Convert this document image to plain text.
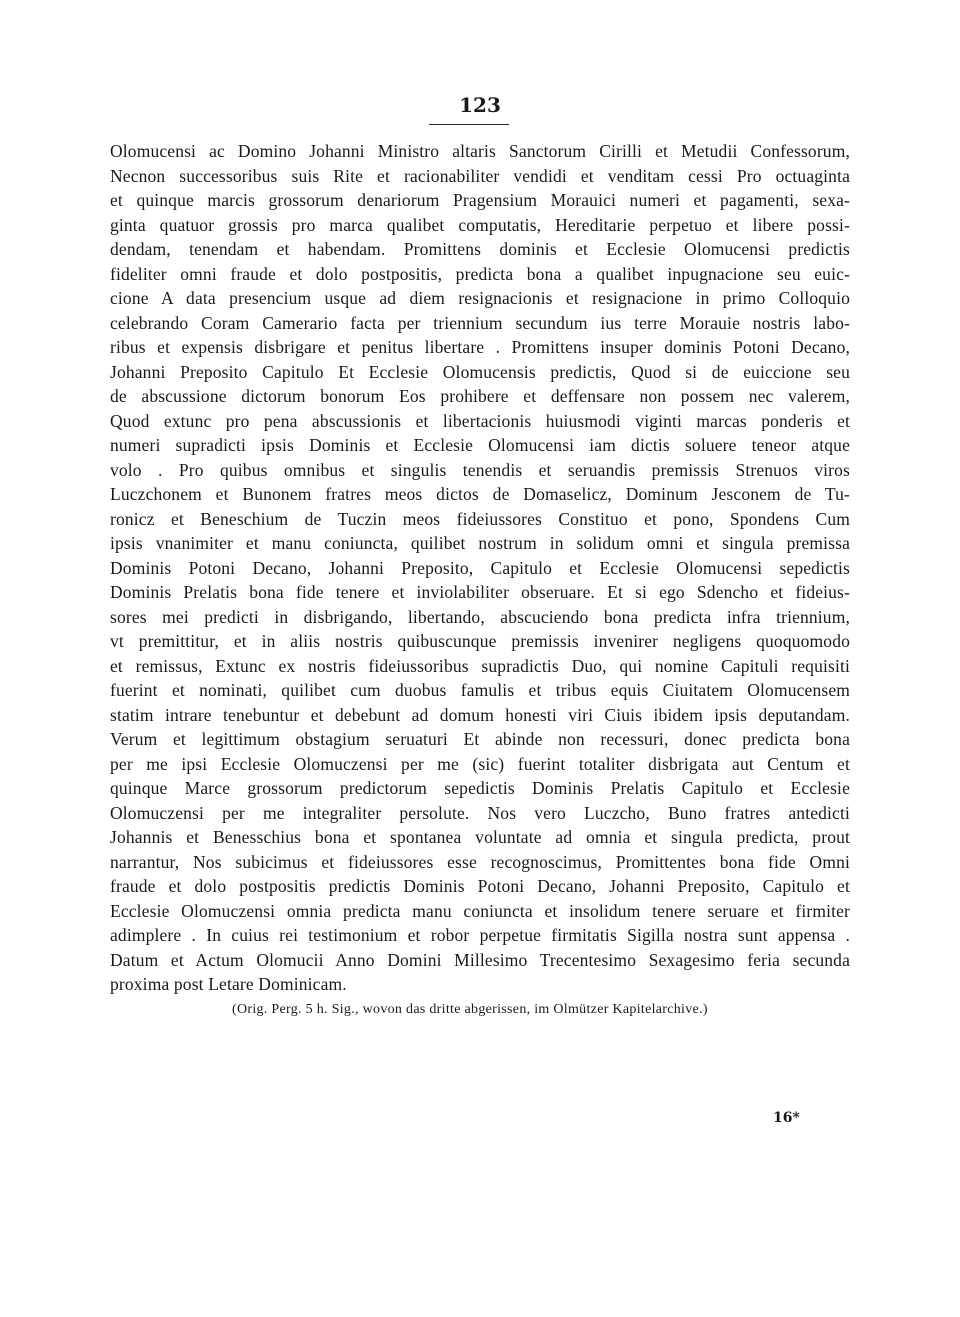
123
Olomucensi ac Domino Johanni Ministro altaris Sanctorum Cirilli et Metudii Confessorum,
Necnon successoribus suis Rite et racionabiliter vendidi et venditam cessi Pro octuaginta
et quinque marcis grossorum denariorum Pragensium Morauici numeri et pagamenti, sexa-
ginta quatuor grossis pro marca qualibet computatis, Hereditarie perpetuo et libere possi-
dendam, tenendam et habendam. Promittens dominis et Ecclesie Olomucensi predictis
fideliter omni fraude et dolo postpositis, predicta bona a qualibet inpugnacione seu euic-
cione A data presencium usque ad diem resignacionis et resignacione in primo Colloquio
celebrando Coram Camerario facta per triennium secundum ius terre Morauie nostris labo-
ribus et expensis disbrigare et penitus libertare . Promittens insuper dominis Potoni Decano,
Johanni Preposito Capitulo Et Ecclesie Olomucensis predictis, Quod si de euiccione seu
de abscussione dictorum bonorum Eos prohibere et deffensare non possem nec valerem,
Quod extunc pro pena abscussionis et libertacionis huiusmodi viginti marcas ponderis et
numeri supradicti ipsis Dominis et Ecclesie Olomucensi iam dictis soluere teneor atque
volo . Pro quibus omnibus et singulis tenendis et seruandis premissis Strenuos viros
Luczchonem et Bunonem fratres meos dictos de Domaselicz, Dominum Jesconem de Tu-
ronicz et Beneschium de Tuczin meos fideiussores Constituo et pono, Spondens Cum
ipsis vnanimiter et manu coniuncta, quilibet nostrum in solidum omni et singula premissa
Dominis Potoni Decano, Johanni Preposito, Capitulo et Ecclesie Olomucensi sepedictis
Dominis Prelatis bona fide tenere et inviolabiliter obseruare. Et si ego Sdencho et fideius-
sores mei predicti in disbrigando, libertando, abscuciendo bona predicta infra triennium,
vt premittitur, et in aliis nostris quibuscunque premissis invenirer negligens quoquomodo
et remissus, Extunc ex nostris fideiussoribus supradictis Duo, qui nomine Capituli requisiti
fuerint et nominati, quilibet cum duobus famulis et tribus equis Ciuitatem Olomucensem
statim intrare tenebuntur et debebunt ad domum honesti viri Ciuis ibidem ipsis deputandam.
Verum et legittimum obstagium seruaturi Et abinde non recessuri, donec predicta bona
per me ipsi Ecclesie Olomuczensi per me (sic) fuerint totaliter disbrigata aut Centum et
quinque Marce grossorum predictorum sepedictis Dominis Prelatis Capitulo et Ecclesie
Olomuczensi per me integraliter persolute. Nos vero Luczcho, Buno fratres antedicti
Johannis et Benesschius bona et spontanea voluntate ad omnia et singula predicta, prout
narrantur, Nos subicimus et fideiussores esse recognoscimus, Promittentes bona fide Omni
fraude et dolo postpositis predictis Dominis Potoni Decano, Johanni Preposito, Capitulo et
Ecclesie Olomuczensi omnia predicta manu coniuncta et insolidum tenere seruare et firmiter
adimplere . In cuius rei testimonium et robor perpetue firmitatis Sigilla nostra sunt appensa .
Datum et Actum Olomucii Anno Domini Millesimo Trecentesimo Sexagesimo feria secunda
proxima post Letare Dominicam.
(Orig. Perg. 5 h. Sig., wovon das dritte abgerissen, im Olmützer Kapitelarchive.)
16*
